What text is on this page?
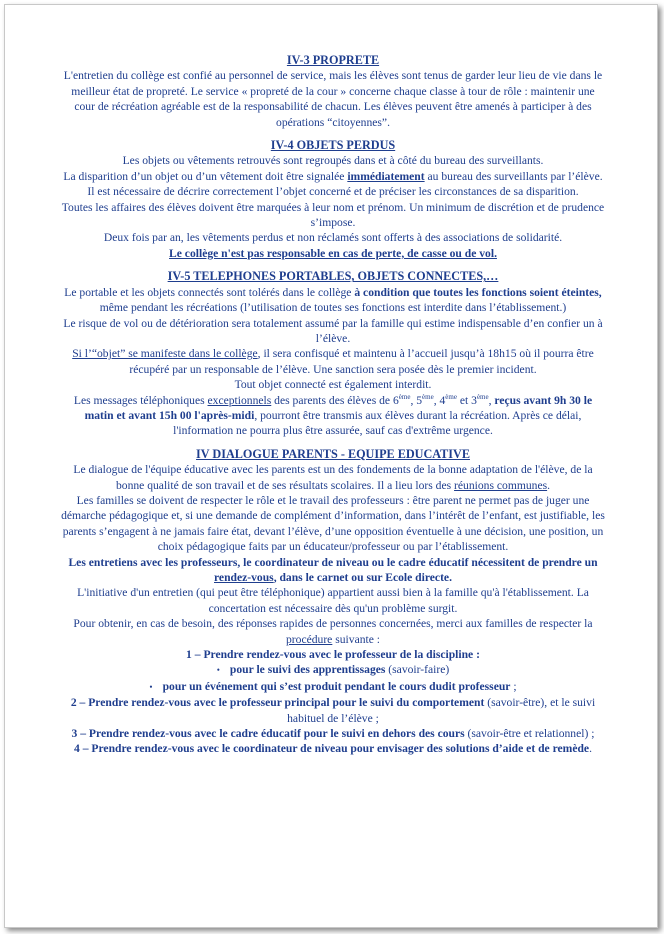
IV-3 PROPRETE

L'entretien du collège est confié au personnel de service, mais les élèves sont tenus de garder leur lieu de vie dans le meilleur état de propreté. Le service « propreté de la cour » concerne chaque classe à tour de rôle : maintenir une cour de récréation agréable est de la responsabilité de chacun. Les élèves peuvent être amenés à participer à des opérations “citoyennes”.

IV-4 OBJETS PERDUS

Les objets ou vêtements retrouvés sont regroupés dans et à côté du bureau des surveillants.

La disparition d’un objet ou d’un vêtement doit être signalée immédiatement au bureau des surveillants par l’élève.

Il est nécessaire de décrire correctement l’objet concerné et de préciser les circonstances de sa disparition.

Toutes les affaires des élèves doivent être marquées à leur nom et prénom. Un minimum de discrétion et de prudence s’impose.

Deux fois par an, les vêtements perdus et non réclamés sont offerts à des associations de solidarité.

Le collège n'est pas responsable en cas de perte, de casse ou de vol.

IV-5 TELEPHONES PORTABLES, OBJETS CONNECTES,…

Le portable et les objets connectés sont tolérés dans le collège à condition que toutes les fonctions soient éteintes, même pendant les récréations (l’utilisation de toutes ses fonctions est interdite dans l’établissement.)

Le risque de vol ou de détérioration sera totalement assumé par la famille qui estime indispensable d’en confier un à l’élève.

Si l’“objet” se manifeste dans le collège, il sera confisqué et maintenu à l’accueil jusqu’à 18h15 où il pourra être récupéré par un responsable de l’élève. Une sanction sera posée dès le premier incident.

Tout objet connecté est également interdit.

Les messages téléphoniques exceptionnels des parents des élèves de 6ème, 5ème, 4ème et 3ème, reçus avant 9h 30 le matin et avant 15h 00 l'après-midi, pourront être transmis aux élèves durant la récréation. Après ce délai, l'information ne pourra plus être assurée, sauf cas d'extrême urgence.

IV DIALOGUE PARENTS - EQUIPE EDUCATIVE

Le dialogue de l'équipe éducative avec les parents est un des fondements de la bonne adaptation de l'élève, de la bonne qualité de son travail et de ses résultats scolaires. Il a lieu lors des réunions communes.

Les familles se doivent de respecter le rôle et le travail des professeurs : être parent ne permet pas de juger une démarche pédagogique et, si une demande de complément d’information, dans l’intérêt de l’enfant, est justifiable, les parents s’engagent à ne jamais faire état, devant l’élève, d’une opposition éventuelle à une décision, une position, un choix pédagogique faits par un éducateur/professeur ou par l’établissement.

Les entretiens avec les professeurs, le coordinateur de niveau ou le cadre éducatif nécessitent de prendre un rendez-vous, dans le carnet ou sur Ecole directe.

L'initiative d'un entretien (qui peut être téléphonique) appartient aussi bien à la famille qu'à l'établissement. La concertation est nécessaire dès qu'un problème surgit.

Pour obtenir, en cas de besoin, des réponses rapides de personnes concernées, merci aux familles de respecter la procédure suivante :

1 – Prendre rendez-vous avec le professeur de la discipline :

• pour le suivi des apprentissages (savoir-faire)

• pour un événement qui s’est produit pendant le cours dudit professeur ;

2 – Prendre rendez-vous avec le professeur principal pour le suivi du comportement (savoir-être), et le suivi habituel de l’élève ;

3 – Prendre rendez-vous avec le cadre éducatif pour le suivi en dehors des cours (savoir-être et relationnel) ;

4 – Prendre rendez-vous avec le coordinateur de niveau pour envisager des solutions d’aide et de remède.
